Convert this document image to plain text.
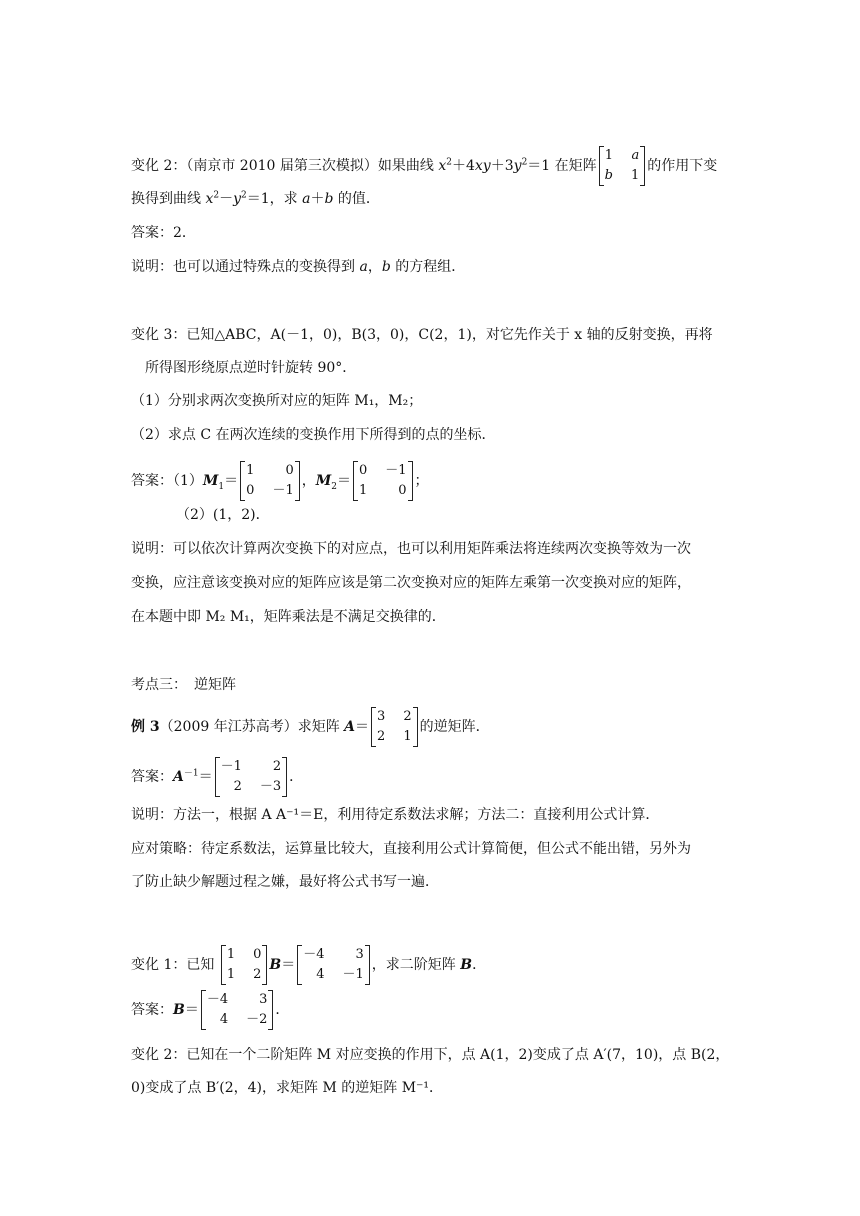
变化 2：（南京市 2010 届第三次模拟）如果曲线 $x^2+4xy+3y^2=1$ 在矩阵
1 a
b 1
的作用下变
换得到曲线 $x^2-y^2=1$，求 a＋b 的值．
答案：2．
说明：也可以通过特殊点的变换得到 a，b 的方程组．
变化 3：已知△ABC，A(－1，0)，B(3，0)，C(2，1)，对它先作关于 x 轴的反射变换，再将
所得图形绕原点逆时针旋转 90°．
（1）分别求两次变换所对应的矩阵 M₁，M₂；
（2）求点 C 在两次连续的变换作用下所得到的点的坐标．
答案：$(1)M_1=$
1	0
0 －1
，$M_2=$
0 －1
1	0
；
（2）(1，2)．
说明：可以依次计算两次变换下的对应点，也可以利用矩阵乘法将连续两次变换等效为一次
变换，应注意该变换对应的矩阵应该是第二次变换对应的矩阵左乘第一次变换对应的矩阵，
在本题中即 M₂ M₁，矩阵乘法是不满足交换律的．
考点三：　逆矩阵
例 3（2009 年江苏高考）求矩阵 A＝
3 2
2 1
的逆矩阵．
答案：$A^{-1}=$
－1	2
2 －3
．
说明：方法一，根据 A A⁻¹＝E，利用待定系数法求解；方法二：直接利用公式计算．
应对策略：待定系数法，运算量比较大，直接利用公式计算简便，但公式不能出错，另外为
了防止缺少解题过程之嫌，最好将公式书写一遍．
变化 1：已知
1 0
1 2
B＝
－4	3
4 －1
，求二阶矩阵 B．
答案：B＝
－4	3
4 －2
．
变化 2：已知在一个二阶矩阵 M 对应变换的作用下，点 A(1，2)变成了点 A′(7，10)，点 B(2，
0)变成了点 B′(2，4)，求矩阵 M 的逆矩阵 M⁻¹．
